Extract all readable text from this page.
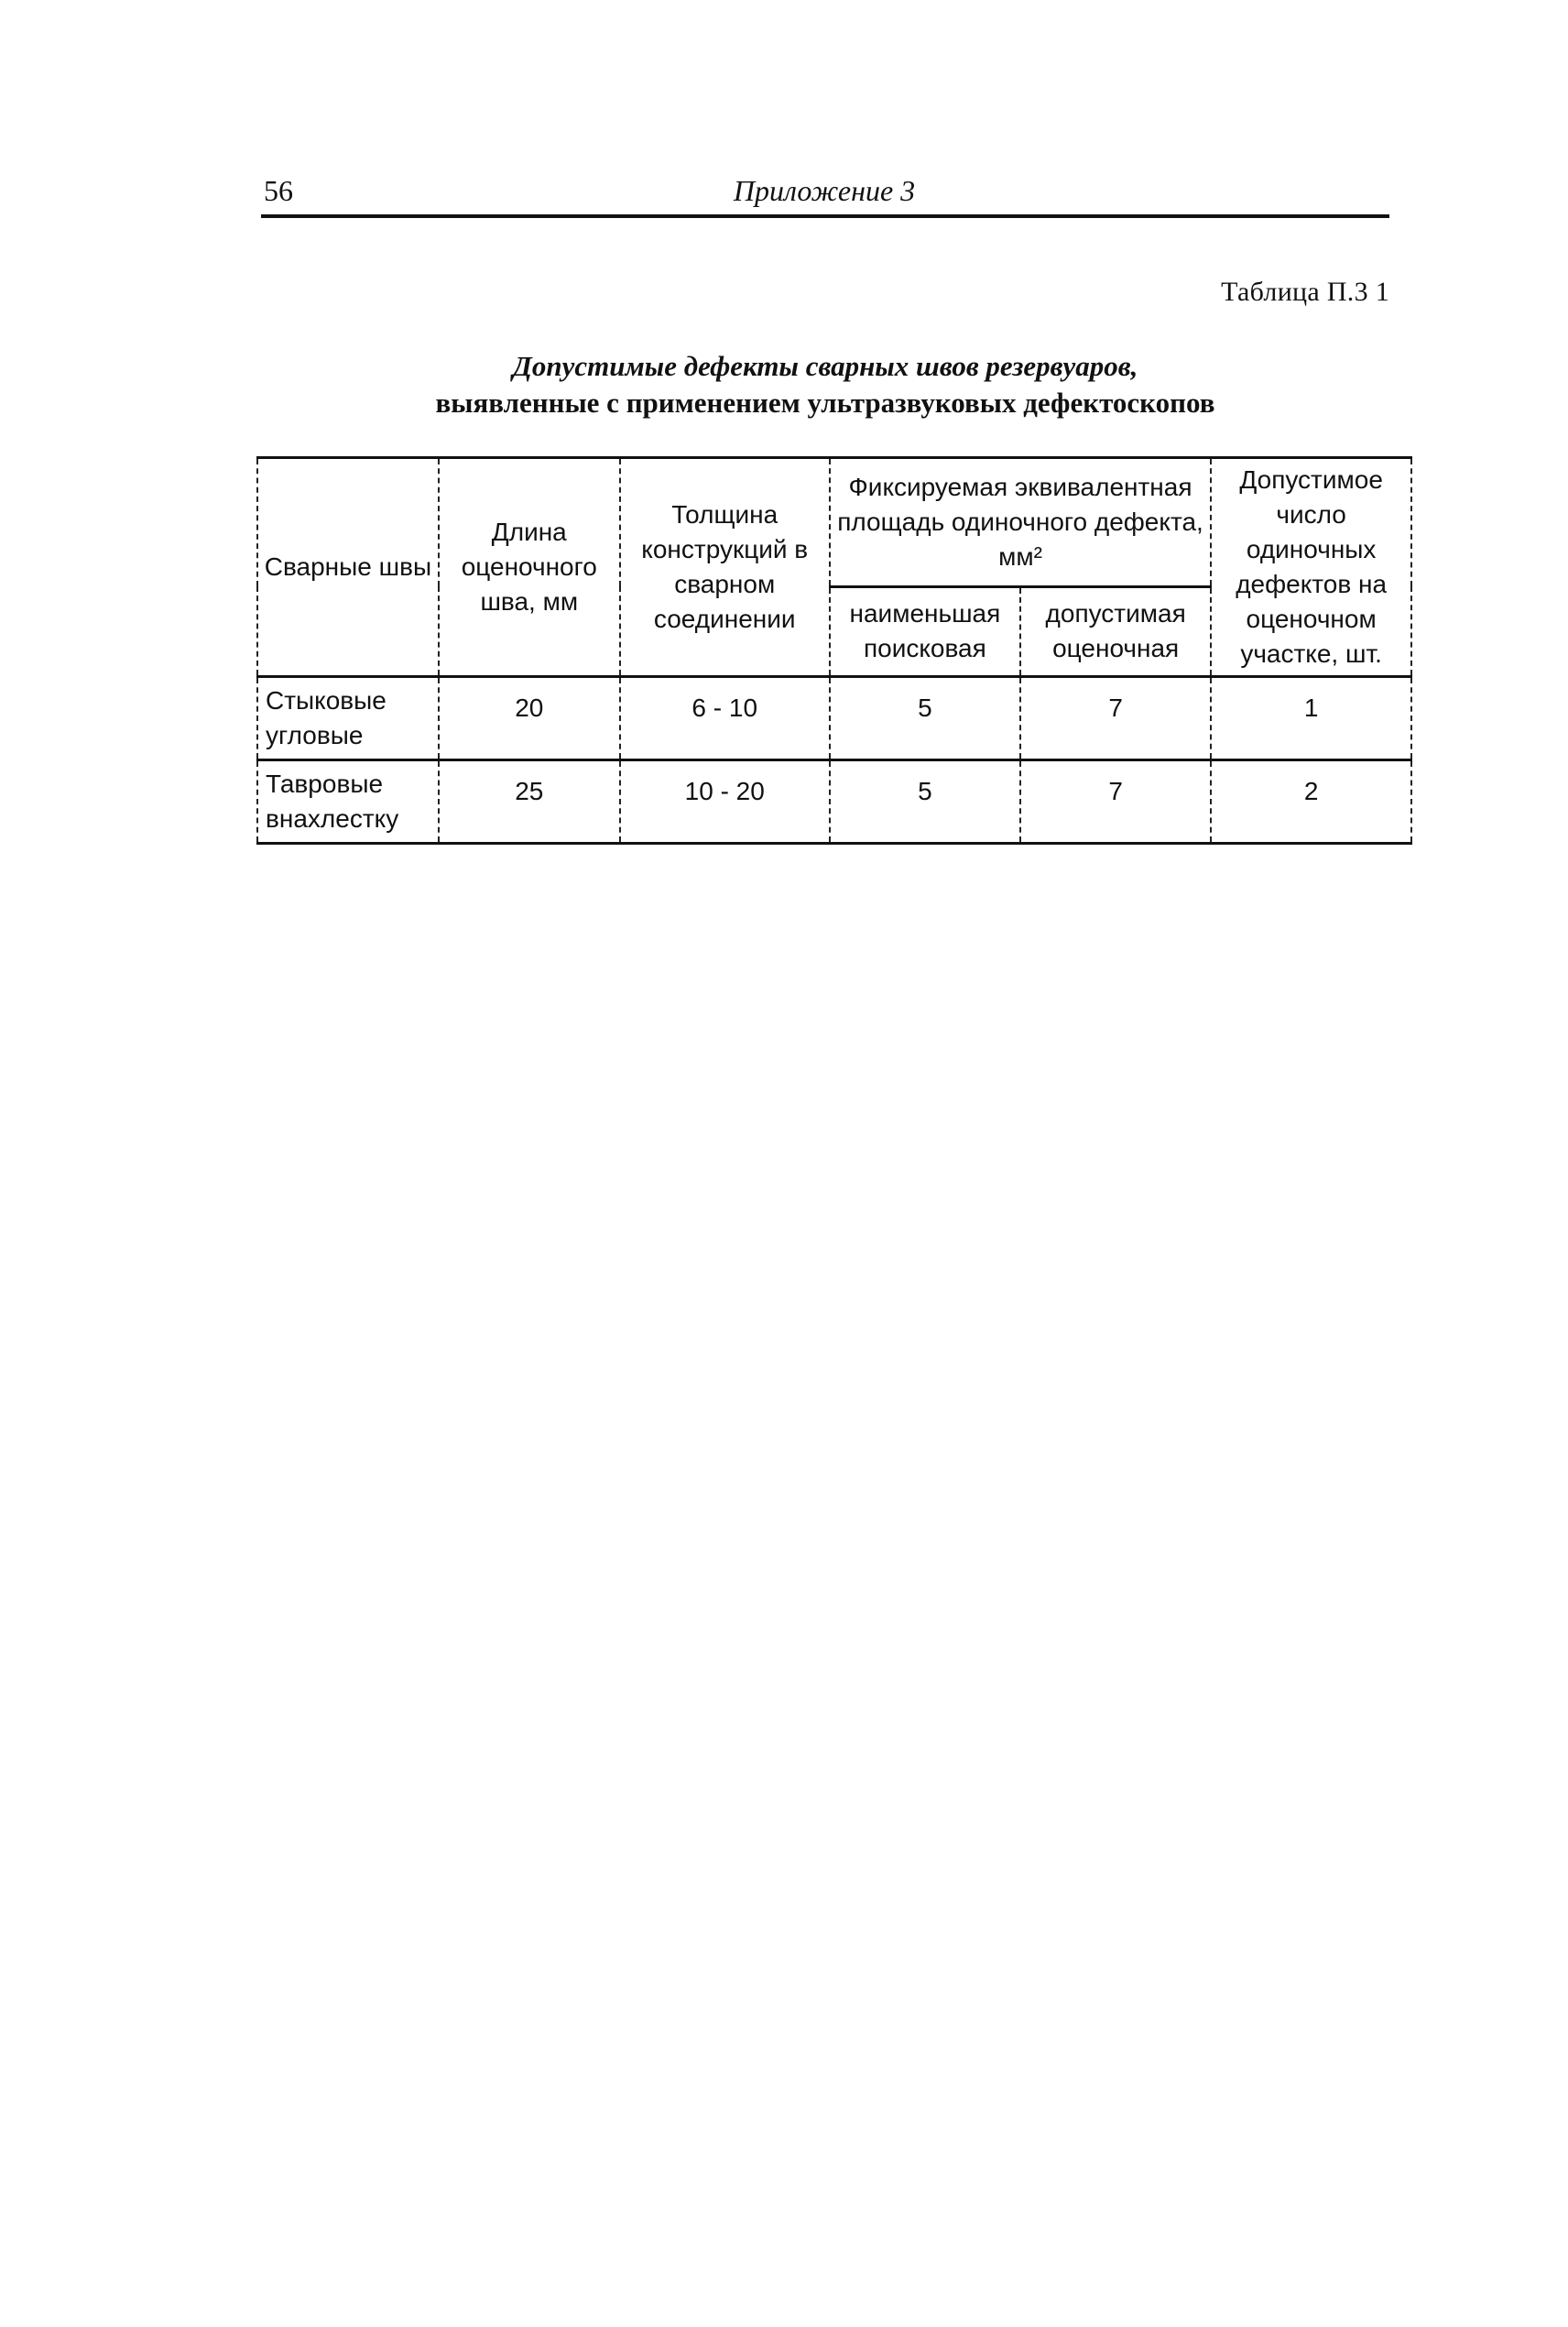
56	Приложение 3
Таблица П.3 1
Допустимые дефекты сварных швов резервуаров,
выявленные с применением ультразвуковых дефектоскопов
Сварные швы	Длина оценочного шва, мм	Толщина конструкций в сварном соединении	Фиксируемая эквивалентная площадь одиночного дефекта, мм²		Допустимое число одиночных дефектов на оценочном участке, шт.
			наименьшая поисковая	допустимая оценочная	
Стыковые угловые	20	6 - 10	5	7	1
Тавровые внахлестку	25	10 - 20	5	7	2
